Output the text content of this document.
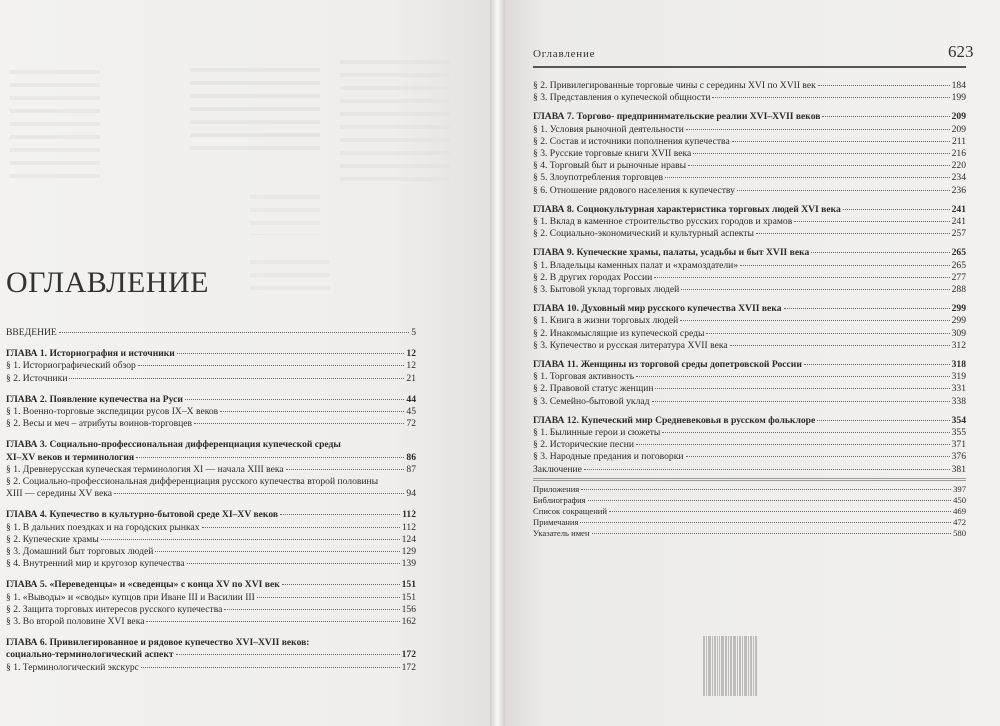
ОГЛАВЛЕНИЕ
ВВЕДЕНИЕ	5
ГЛАВА 1. Историография и источники	12
§ 1. Историографический обзор	12
§ 2. Источники	21
ГЛАВА 2. Появление купечества на Руси	44
§ 1. Военно-торговые экспедиции русов IX–X веков	45
§ 2. Весы и меч – атрибуты воинов-торговцев	72
ГЛАВА 3. Социально-профессиональная дифференциация купеческой среды
XI–XV веков и терминология	86
§ 1. Древнерусская купеческая терминология XI — начала XIII века	87
§ 2. Социально-профессиональная дифференциация русского купечества второй половины
XIII — середины XV века	94
ГЛАВА 4. Купечество в культурно-бытовой среде XI–XV веков	112
§ 1. В дальних поездках и на городских рынках	112
§ 2. Купеческие храмы	124
§ 3. Домашний быт торговых людей	129
§ 4. Внутренний мир и кругозор купечества	139
ГЛАВА 5. «Переведенцы» и «сведенцы» с конца XV по XVI век	151
§ 1. «Выводы» и «своды» купцов при Иване III и Василии III	151
§ 2. Защита торговых интересов русского купечества	156
§ 3. Во второй половине XVI века	162
ГЛАВА 6. Привилегированное и рядовое купечество XVI–XVII веков:
социально-терминологический аспект	172
§ 1. Терминологический экскурс	172
Оглавление	623
§ 2. Привилегированные торговые чины с середины XVI по XVII век	184
§ 3. Представления о купеческой общности	199
ГЛАВА 7. Торгово- предпринимательские реалии XVI–XVII веков	209
§ 1. Условия рыночной деятельности	209
§ 2. Состав и источники пополнения купечества	211
§ 3. Русские торговые книги XVII века	216
§ 4. Торговый быт и рыночные нравы	220
§ 5. Злоупотребления торговцев	234
§ 6. Отношение рядового населения к купечеству	236
ГЛАВА 8. Социокультурная характеристика торговых людей XVI века	241
§ 1. Вклад в каменное строительство русских городов и храмов	241
§ 2. Социально-экономический и культурный аспекты	257
ГЛАВА 9. Купеческие храмы, палаты, усадьбы и быт XVII века	265
§ 1. Владельцы каменных палат и «храмоздатели»	265
§ 2. В других городах России	277
§ 3. Бытовой уклад торговых людей	288
ГЛАВА 10. Духовный мир русского купечества XVII века	299
§ 1. Книга в жизни торговых людей	299
§ 2. Инакомыслящие из купеческой среды	309
§ 3. Купечество и русская литература XVII века	312
ГЛАВА 11. Женщины из торговой среды допетровской России	318
§ 1. Торговая активность	319
§ 2. Правовой статус женщин	331
§ 3. Семейно-бытовой уклад	338
ГЛАВА 12. Купеческий мир Средневековья в русском фольклоре	354
§ 1. Былинные герои и сюжеты	355
§ 2. Исторические песни	371
§ 3. Народные предания и поговорки	376
Заключение	381
Приложения	397
Библиография	450
Список сокращений	469
Примечания	472
Указатель имен	580
